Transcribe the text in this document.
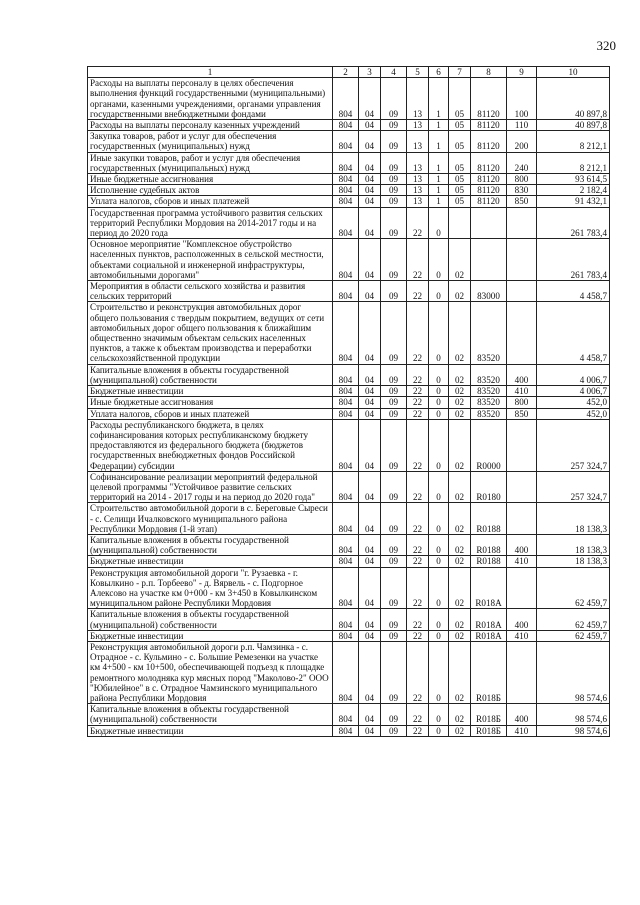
320
1	2	3	4	5	6	7	8	9	10
Расходы на выплаты персоналу в целях обеспечения выполнения функций государственными (муниципальными) органами, казенными учреждениями, органами управления государственными внебюджетными фондами	804	04	09	13	1	05	81120	100	40 897,8
Расходы на выплаты персоналу казенных учреждений	804	04	09	13	1	05	81120	110	40 897,8
Закупка товаров, работ и услуг для обеспечения государственных (муниципальных) нужд	804	04	09	13	1	05	81120	200	8 212,1
Иные закупки товаров, работ и услуг для обеспечения государственных (муниципальных) нужд	804	04	09	13	1	05	81120	240	8 212,1
Иные бюджетные ассигнования	804	04	09	13	1	05	81120	800	93 614,5
Исполнение судебных актов	804	04	09	13	1	05	81120	830	2 182,4
Уплата налогов, сборов и иных платежей	804	04	09	13	1	05	81120	850	91 432,1
Государственная программа устойчивого развития сельских территорий Республики Мордовия на 2014-2017 годы и на период до 2020 года	804	04	09	22	0				261 783,4
Основное мероприятие "Комплексное обустройство населенных пунктов, расположенных в сельской местности, объектами социальной и инженерной инфраструктуры, автомобильными дорогами"	804	04	09	22	0	02			261 783,4
Мероприятия в области сельского хозяйства и развития сельских территорий	804	04	09	22	0	02	83000		4 458,7
Строительство и реконструкция автомобильных дорог общего пользования с твердым покрытием, ведущих от сети автомобильных дорог общего пользования к ближайшим общественно значимым объектам сельских населенных пунктов, а также к объектам производства и переработки сельскохозяйственной продукции	804	04	09	22	0	02	83520		4 458,7
Капитальные вложения в объекты государственной (муниципальной) собственности	804	04	09	22	0	02	83520	400	4 006,7
Бюджетные инвестиции	804	04	09	22	0	02	83520	410	4 006,7
Иные бюджетные ассигнования	804	04	09	22	0	02	83520	800	452,0
Уплата налогов, сборов и иных платежей	804	04	09	22	0	02	83520	850	452,0
Расходы республиканского бюджета, в целях софинансирования которых республиканскому бюджету предоставляются из федерального бюджета (бюджетов государственных внебюджетных фондов Российской Федерации) субсидии	804	04	09	22	0	02	R0000		257 324,7
Софинансирование реализации мероприятий федеральной целевой программы "Устойчивое развитие сельских территорий на 2014 - 2017 годы и на период до 2020 года"	804	04	09	22	0	02	R0180		257 324,7
Строительство автомобильной дороги в с. Береговые Сыреси - с. Селищи Ичалковского муниципального района Республики Мордовия (1-й этап)	804	04	09	22	0	02	R0188		18 138,3
Капитальные вложения в объекты государственной (муниципальной) собственности	804	04	09	22	0	02	R0188	400	18 138,3
Бюджетные инвестиции	804	04	09	22	0	02	R0188	410	18 138,3
Реконструкция автомобильной дороги "г. Рузаевка - г. Ковылкино - р.п. Торбеево" - д. Вярвель - с. Подгорное Алексово на участке км 0+000 - км 3+450 в Ковылкинском муниципальном районе Республики Мордовия	804	04	09	22	0	02	R018A		62 459,7
Капитальные вложения в объекты государственной (муниципальной) собственности	804	04	09	22	0	02	R018A	400	62 459,7
Бюджетные инвестиции	804	04	09	22	0	02	R018A	410	62 459,7
Реконструкция автомобильной дороги р.п. Чамзинка - с. Отрадное - с. Кульмино - с. Большие Ремезенки на участке км 4+500 - км 10+500, обеспечивающей подъезд к площадке ремонтного молодняка кур мясных пород "Маколово-2" ООО "Юбилейное" в с. Отрадное Чамзинского муниципального района Республики Мордовия	804	04	09	22	0	02	R018Б		98 574,6
Капитальные вложения в объекты государственной (муниципальной) собственности	804	04	09	22	0	02	R018Б	400	98 574,6
Бюджетные инвестиции	804	04	09	22	0	02	R018Б	410	98 574,6
